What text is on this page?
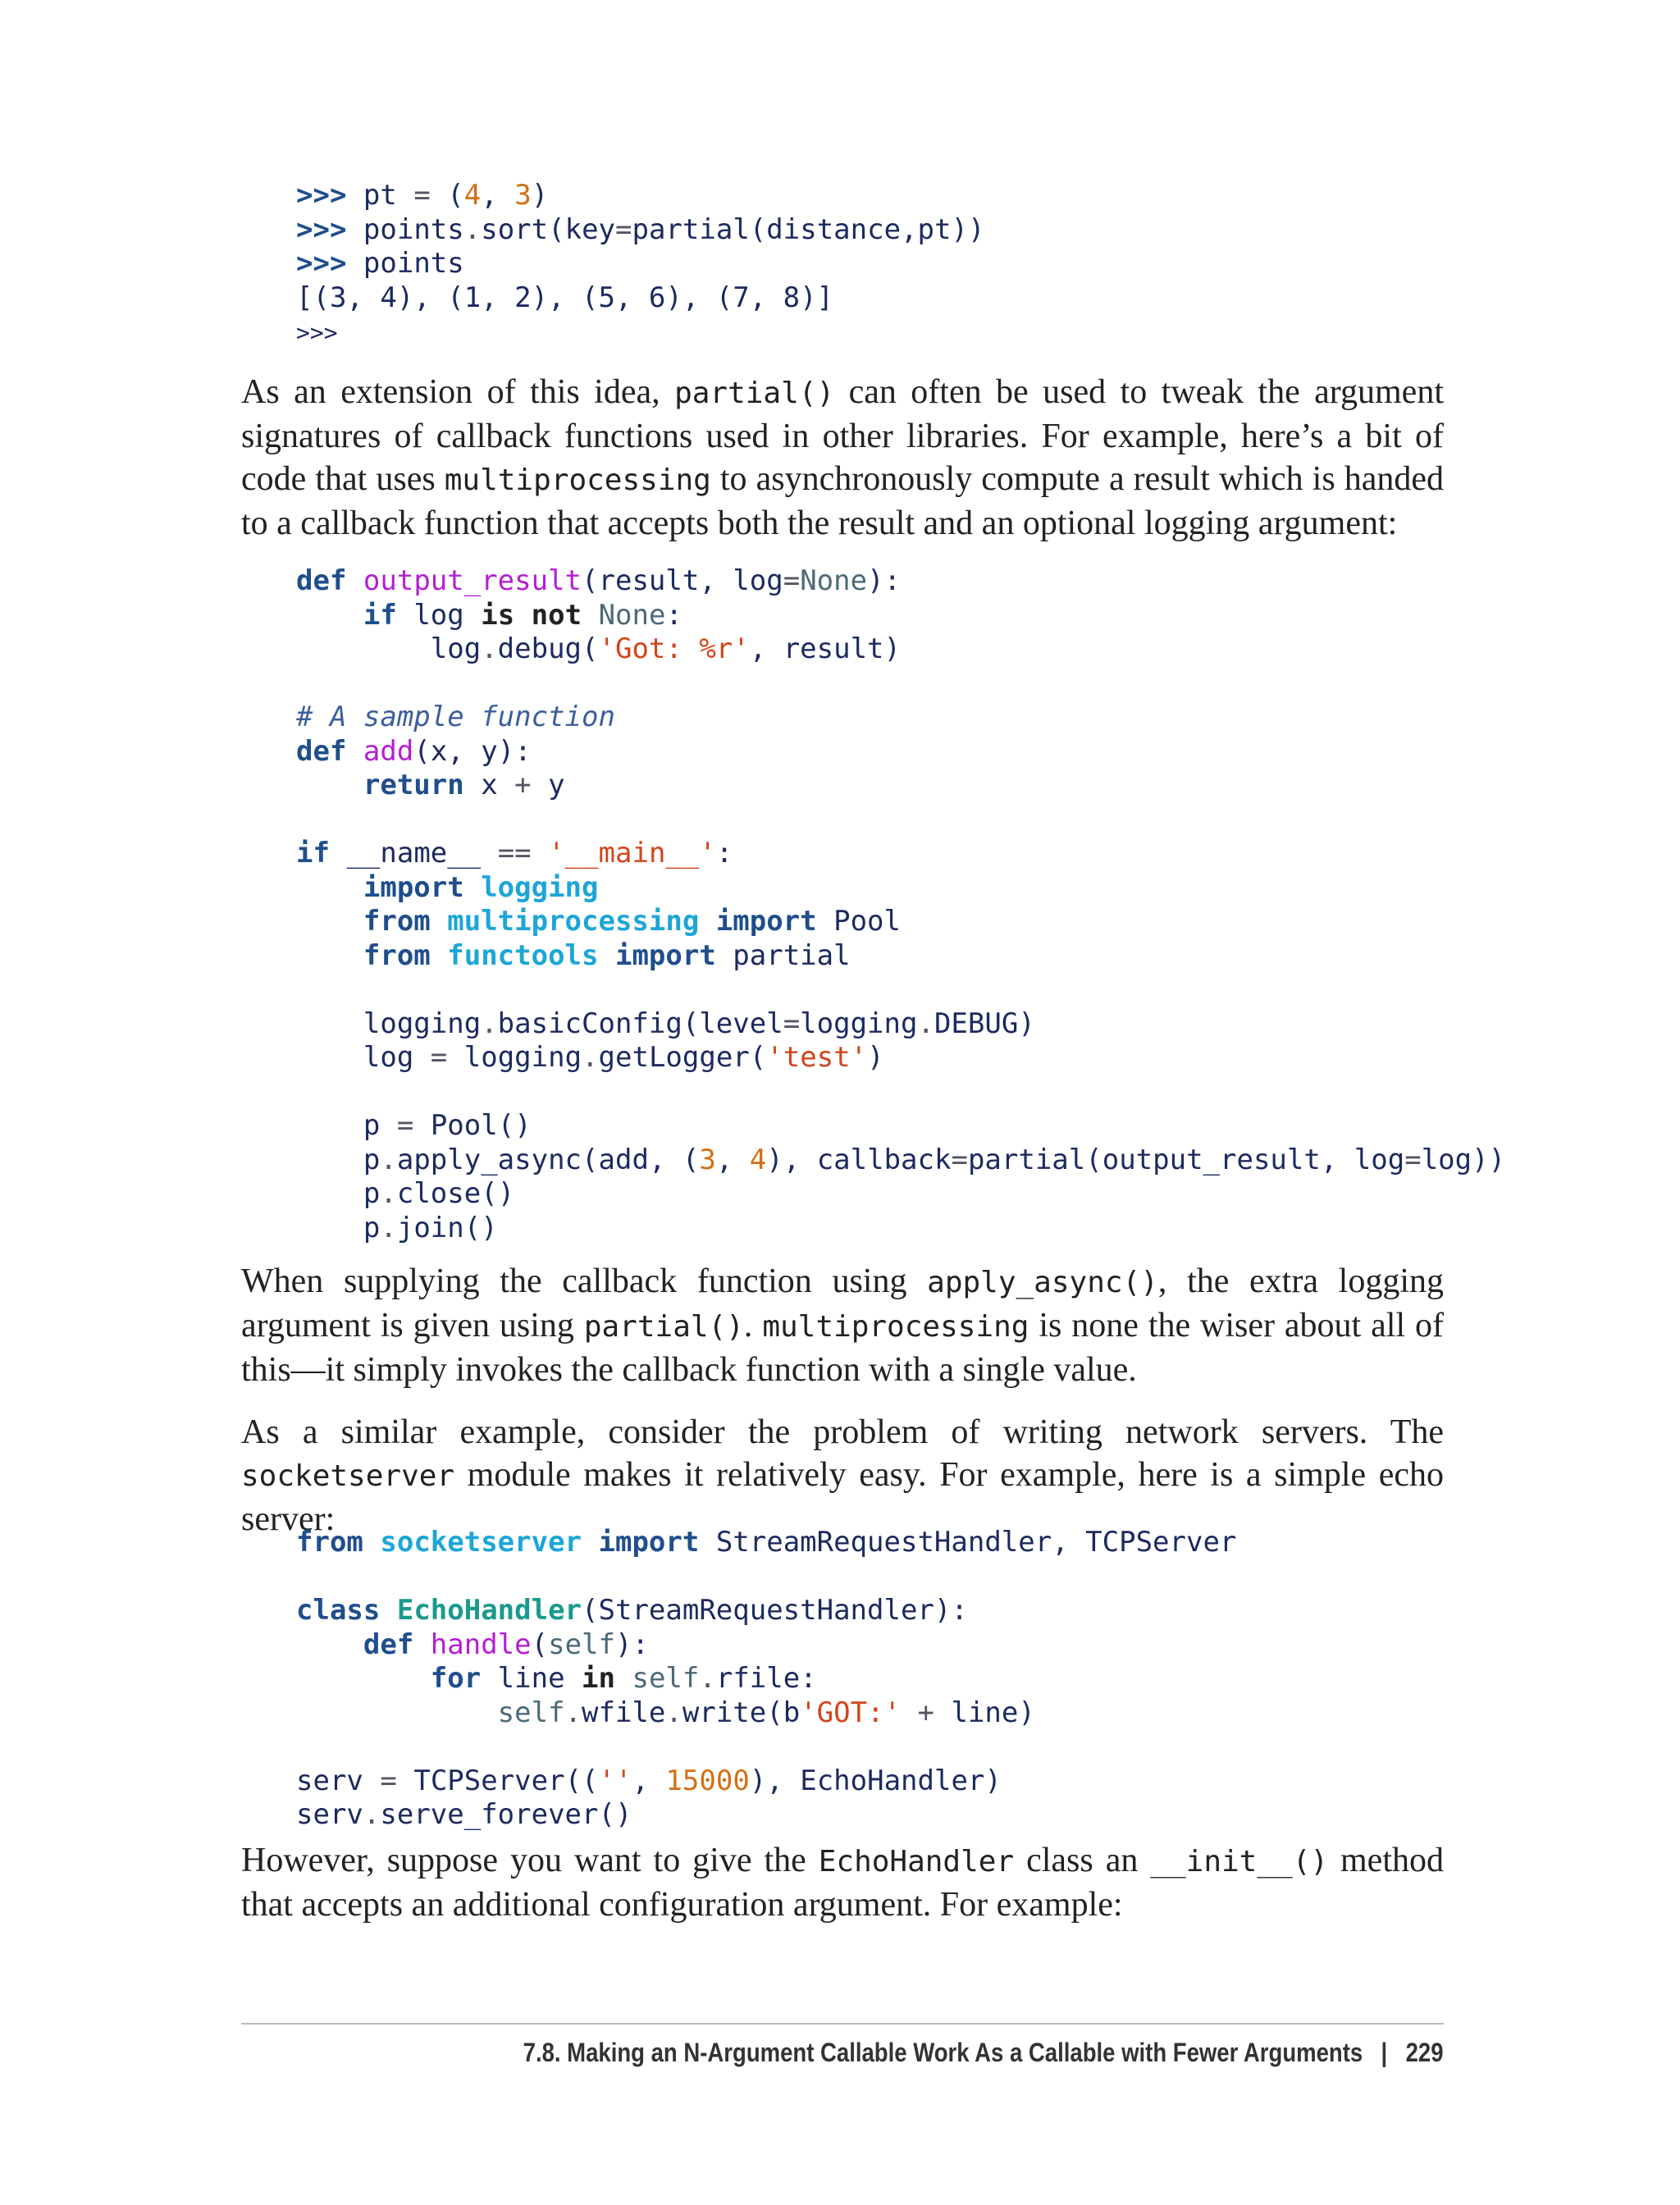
>>> pt = (4, 3)
>>> points.sort(key=partial(distance,pt))
>>> points
[(3, 4), (1, 2), (5, 6), (7, 8)]
>>>

As an extension of this idea, partial() can often be used to tweak the argument signatures of callback functions used in other libraries. For example, here’s a bit of code that uses multiprocessing to asynchronously compute a result which is handed to a callback function that accepts both the result and an optional logging argument:

def output_result(result, log=None):
if log is not None:
log.debug('Got: %r', result)

# A sample function
def add(x, y):
return x + y

if __name__ == '__main__':
import logging
from multiprocessing import Pool
from functools import partial

logging.basicConfig(level=logging.DEBUG)
log = logging.getLogger('test')

p = Pool()
p.apply_async(add, (3, 4), callback=partial(output_result, log=log))
p.close()
p.join()

When supplying the callback function using apply_async(), the extra logging argument is given using partial(). multiprocessing is none the wiser about all of this—it simply invokes the callback function with a single value.

As a similar example, consider the problem of writing network servers. The socketserver module makes it relatively easy. For example, here is a simple echo server:

from socketserver import StreamRequestHandler, TCPServer

class EchoHandler(StreamRequestHandler):
def handle(self):
for line in self.rfile:
self.wfile.write(b'GOT:' + line)

serv = TCPServer(('', 15000), EchoHandler)
serv.serve_forever()

However, suppose you want to give the EchoHandler class an __init__() method that accepts an additional configuration argument. For example:

7.8. Making an N-Argument Callable Work As a Callable with Fewer Arguments | 229
